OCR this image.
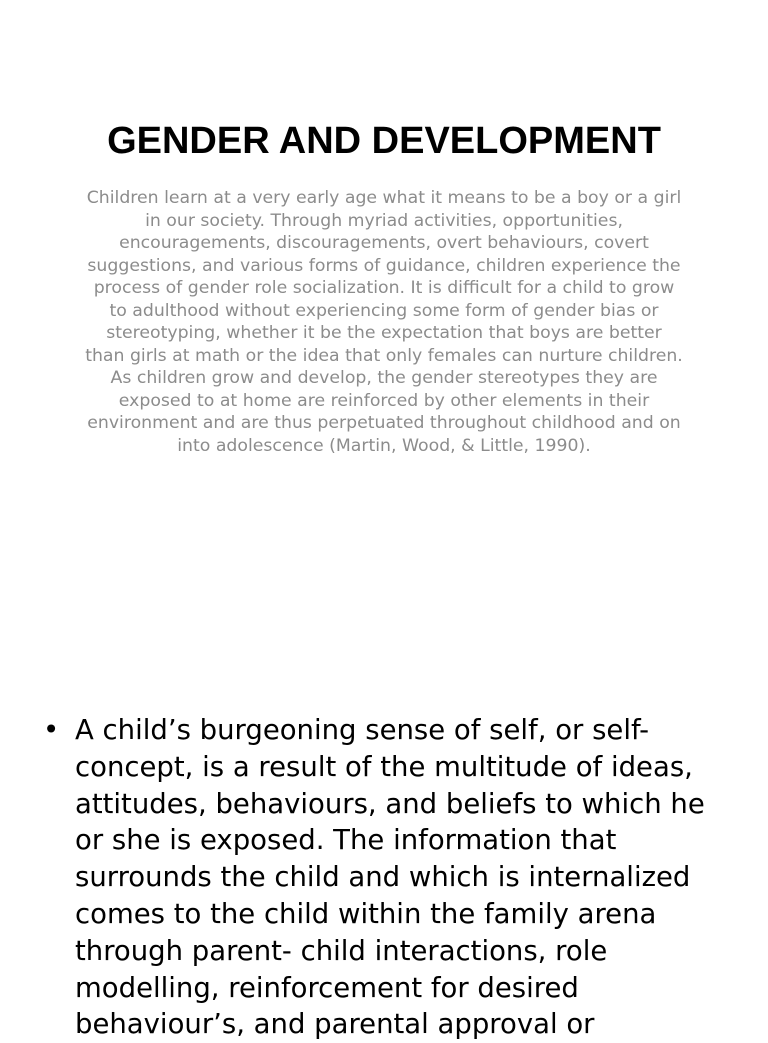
GENDER AND DEVELOPMENT

Children learn at a very early age what it means to be a boy or a girl in our society. Through myriad activities, opportunities, encouragements, discouragements, overt behaviours, covert suggestions, and various forms of guidance, children experience the process of gender role socialization. It is difficult for a child to grow to adulthood without experiencing some form of gender bias or stereotyping, whether it be the expectation that boys are better than girls at math or the idea that only females can nurture children. As children grow and develop, the gender stereotypes they are exposed to at home are reinforced by other elements in their environment and are thus perpetuated throughout childhood and on into adolescence (Martin, Wood, & Little, 1990).

• A child’s burgeoning sense of self, or self-concept, is a result of the multitude of ideas, attitudes, behaviours, and beliefs to which he or she is exposed. The information that surrounds the child and which is internalized comes to the child within the family arena through parent- child interactions, role modelling, reinforcement for desired behaviour’s, and parental approval or
